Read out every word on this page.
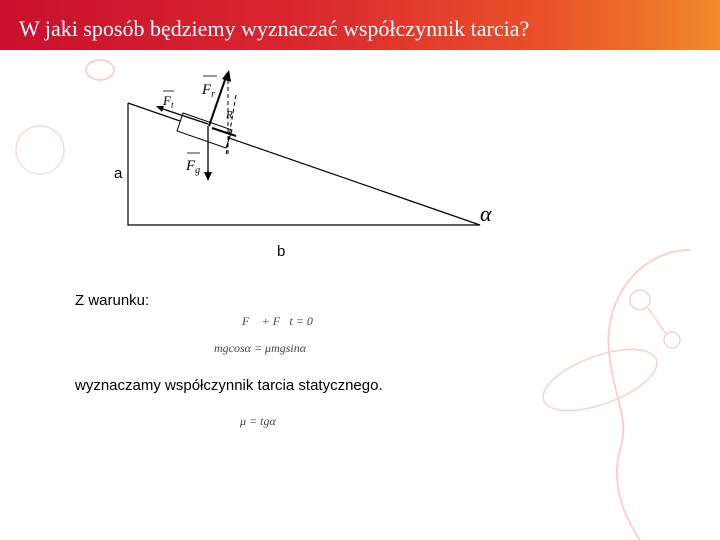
W jaki sposób będziemy wyznaczać współczynnik tarcia?
$F_t$
$F_r$
R
$F_g$
α
a
b
Z warunku:
F⃗ + F⃗t = 0
mgcosα = μmgsinα
wyznaczamy współczynnik tarcia statycznego.
μ = tgα
